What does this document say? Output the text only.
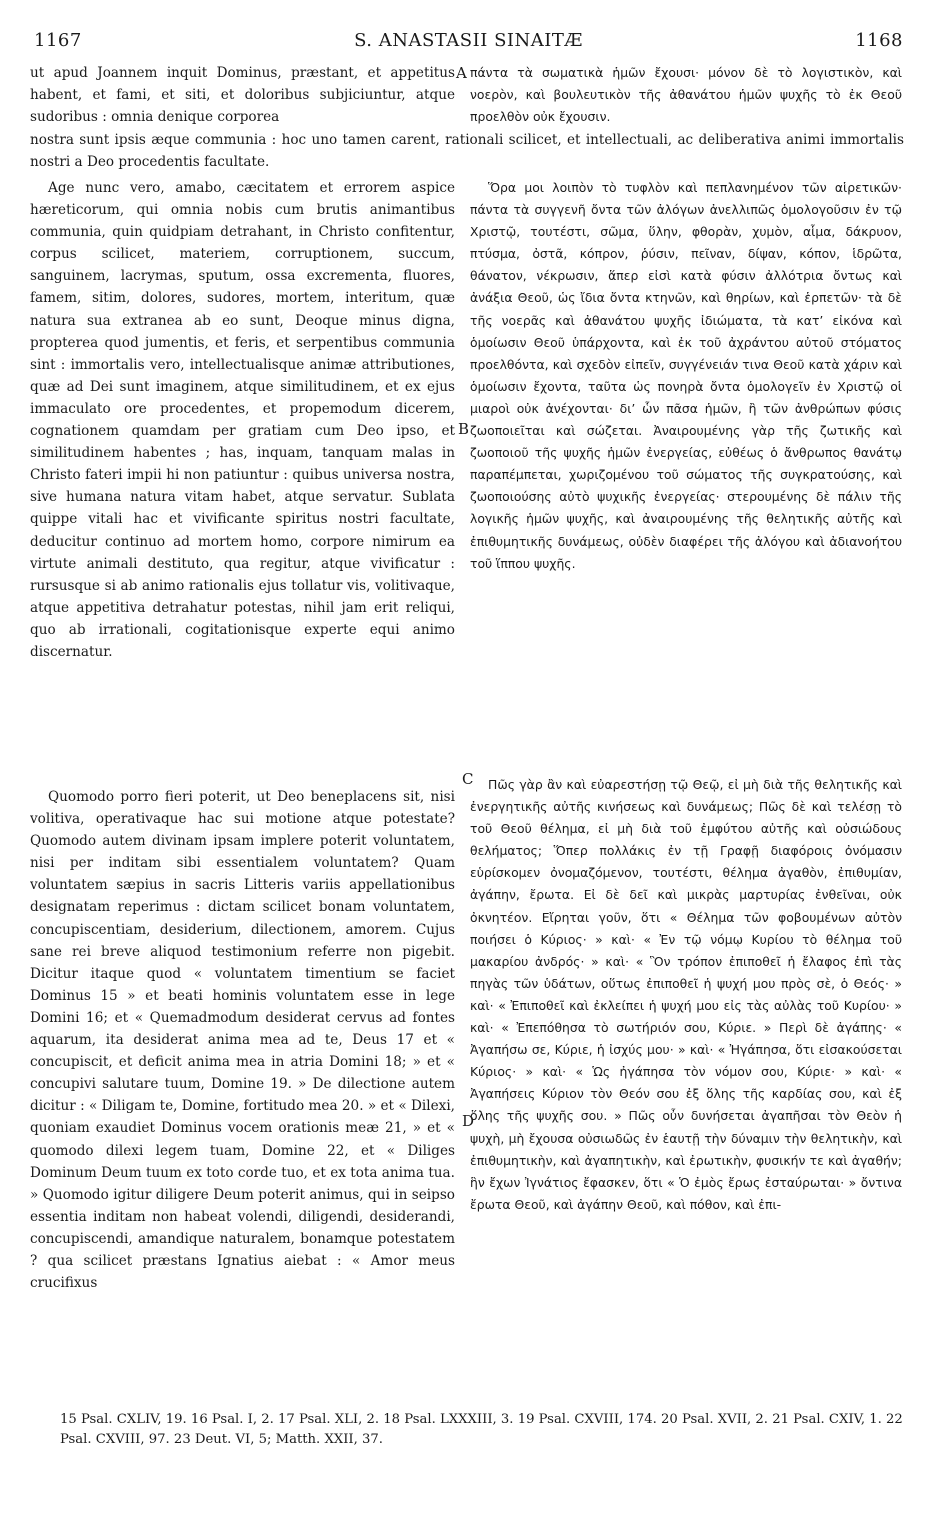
1167	S. ANASTASII SINAITÆ	1168

ut apud Joannem inquit Dominus, præstant, et appetitus habent, et fami, et siti, et doloribus subjiciuntur, atque sudoribus : omnia denique corporea

A πάντα τὰ σωματικὰ ἡμῶν ἔχουσι· μόνον δὲ τὸ λογιστικὸν, καὶ νοερὸν, καὶ βουλευτικὸν τῆς ἀθανάτου ἡμῶν ψυχῆς τὸ ἐκ Θεοῦ προελθὸν οὐκ ἔχουσιν.

nostra sunt ipsis æque communia : hoc uno tamen carent, rationali scilicet, et intellectuali, ac deliberativa animi immortalis nostri a Deo procedentis facultate.

Age nunc vero, amabo, cæcitatem et errorem aspice hæreticorum, qui omnia nobis cum brutis animantibus communia, quin quidpiam detrahant, in Christo confitentur, corpus scilicet, materiem, corruptionem, succum, sanguinem, lacrymas, sputum, ossa excrementa, fluores, famem, sitim, dolores, sudores, mortem, interitum, quæ natura sua extranea ab eo sunt, Deoque minus digna, propterea quod jumentis, et feris, et serpentibus communia sint : immortalis vero, intellectualisque animæ attributiones, quæ ad Dei sunt imaginem, atque similitudinem, et ex ejus immaculato ore procedentes, et propemodum dicerem, cognationem quamdam per gratiam cum Deo ipso, et similitudinem habentes ; has, inquam, tanquam malas in Christo fateri impii hi non patiuntur : quibus universa nostra, sive humana natura vitam habet, atque servatur. Sublata quippe vitali hac et vivificante spiritus nostri facultate, deducitur continuo ad mortem homo, corpore nimirum ea virtute animali destituto, qua regitur, atque vivificatur : rursusque si ab animo rationalis ejus tollatur vis, volitivaque, atque appetitiva detrahatur potestas, nihil jam erit reliqui, quo ab irrationali, cogitationisque experte equi animo discernatur.

B

Ὅρα μοι λοιπὸν τὸ τυφλὸν καὶ πεπλανημένον τῶν αἱρετικῶν· πάντα τὰ συγγενῆ ὄντα τῶν ἀλόγων ἀνελλιπῶς ὁμολογοῦσιν ἐν τῷ Χριστῷ, τουτέστι, σῶμα, ὕλην, φθορὰν, χυμὸν, αἷμα, δάκρυον, πτύσμα, ὀστᾶ, κόπρον, ῥύσιν, πεῖναν, δίψαν, κόπον, ἱδρῶτα, θάνατον, νέκρωσιν, ἅπερ εἰσὶ κατὰ φύσιν ἀλλότρια ὄντως καὶ ἀνάξια Θεοῦ, ὡς ἴδια ὄντα κτηνῶν, καὶ θηρίων, καὶ ἑρπετῶν· τὰ δὲ τῆς νοερᾶς καὶ ἀθανάτου ψυχῆς ἰδιώματα, τὰ κατ’ εἰκόνα καὶ ὁμοίωσιν Θεοῦ ὑπάρχοντα, καὶ ἐκ τοῦ ἀχράντου αὐτοῦ στόματος προελθόντα, καὶ σχεδὸν εἰπεῖν, συγγένειάν τινα Θεοῦ κατὰ χάριν καὶ ὁμοίωσιν ἔχοντα, ταῦτα ὡς πονηρὰ ὄντα ὁμολογεῖν ἐν Χριστῷ οἱ μιαροὶ οὐκ ἀνέχονται· δι’ ὧν πᾶσα ἡμῶν, ἢ τῶν ἀνθρώπων φύσις ζωοποιεῖται καὶ σώζεται. Ἀναιρουμένης γὰρ τῆς ζωτικῆς καὶ ζωοποιοῦ τῆς ψυχῆς ἡμῶν ἐνεργείας, εὐθέως ὁ ἄνθρωπος θανάτῳ παραπέμπεται, χωριζομένου τοῦ σώματος τῆς συγκρατούσης, καὶ ζωοποιούσης αὐτὸ ψυχικῆς ἐνεργείας· στερουμένης δὲ πάλιν τῆς λογικῆς ἡμῶν ψυχῆς, καὶ ἀναιρουμένης τῆς θελητικῆς αὐτῆς καὶ ἐπιθυμητικῆς δυνάμεως, οὐδὲν διαφέρει τῆς ἀλόγου καὶ ἀδιανοήτου τοῦ ἵππου ψυχῆς.

Quomodo porro fieri poterit, ut Deo beneplacens sit, nisi volitiva, operativaque hac sui motione atque potestate? Quomodo autem divinam ipsam implere poterit voluntatem, nisi per inditam sibi essentialem voluntatem? Quam voluntatem sæpius in sacris Litteris variis appellationibus designatam reperimus : dictam scilicet bonam voluntatem, concupiscentiam, desiderium, dilectionem, amorem. Cujus sane rei breve aliquod testimonium referre non pigebit. Dicitur itaque quod « voluntatem timentium se faciet Dominus 15 » et beati hominis voluntatem esse in lege Domini 16; et « Quemadmodum desiderat cervus ad fontes aquarum, ita desiderat anima mea ad te, Deus 17 et « concupiscit, et deficit anima mea in atria Domini 18; » et « concupivi salutare tuum, Domine 19. » De dilectione autem dicitur : « Diligam te, Domine, fortitudo mea 20. » et « Dilexi, quoniam exaudiet Dominus vocem orationis meæ 21, » et « quomodo dilexi legem tuam, Domine 22, et « Diliges Dominum Deum tuum ex toto corde tuo, et ex tota anima tua. » Quomodo igitur diligere Deum poterit animus, qui in seipso essentia inditam non habeat volendi, diligendi, desiderandi, concupiscendi, amandique naturalem, bonamque potestatem ? qua scilicet præstans Ignatius aiebat : « Amor meus crucifixus

C
D

Πῶς γὰρ ἂν καὶ εὐαρεστήσῃ τῷ Θεῷ, εἰ μὴ διὰ τῆς θελητικῆς καὶ ἐνεργητικῆς αὐτῆς κινήσεως καὶ δυνάμεως; Πῶς δὲ καὶ τελέσῃ τὸ τοῦ Θεοῦ θέλημα, εἰ μὴ διὰ τοῦ ἐμφύτου αὐτῆς καὶ οὐσιώδους θελήματος; Ὅπερ πολλάκις ἐν τῇ Γραφῇ διαφόροις ὀνόμασιν εὑρίσκομεν ὀνομαζόμενον, τουτέστι, θέλημα ἀγαθὸν, ἐπιθυμίαν, ἀγάπην, ἔρωτα. Εἰ δὲ δεῖ καὶ μικρὰς μαρτυρίας ἐνθεῖναι, οὐκ ὀκνητέον. Εἴρηται γοῦν, ὅτι « Θέλημα τῶν φοβουμένων αὐτὸν ποιήσει ὁ Κύριος· » καὶ· « Ἐν τῷ νόμῳ Κυρίου τὸ θέλημα τοῦ μακαρίου ἀνδρός· » καὶ· « Ὃν τρόπον ἐπιποθεῖ ἡ ἔλαφος ἐπὶ τὰς πηγὰς τῶν ὑδάτων, οὕτως ἐπιποθεῖ ἡ ψυχή μου πρὸς σὲ, ὁ Θεός· » καὶ· « Ἐπιποθεῖ καὶ ἐκλείπει ἡ ψυχή μου εἰς τὰς αὐλὰς τοῦ Κυρίου· » καὶ· « Ἐπεπόθησα τὸ σωτήριόν σου, Κύριε. » Περὶ δὲ ἀγάπης· « Ἀγαπήσω σε, Κύριε, ἡ ἰσχύς μου· » καὶ· « Ἠγάπησα, ὅτι εἰσακούσεται Κύριος· » καὶ· « Ὡς ἠγάπησα τὸν νόμον σου, Κύριε· » καὶ· « Ἀγαπήσεις Κύριον τὸν Θεόν σου ἐξ ὅλης τῆς καρδίας σου, καὶ ἐξ ὅλης τῆς ψυχῆς σου. » Πῶς οὖν δυνήσεται ἀγαπῆσαι τὸν Θεὸν ἡ ψυχὴ, μὴ ἔχουσα οὐσιωδῶς ἐν ἑαυτῇ τὴν δύναμιν τὴν θελητικὴν, καὶ ἐπιθυμητικὴν, καὶ ἀγαπητικὴν, καὶ ἐρωτικὴν, φυσικήν τε καὶ ἀγαθήν; ἣν ἔχων Ἰγνάτιος ἔφασκεν, ὅτι « Ὁ ἐμὸς ἔρως ἐσταύρωται· » ὄντινα ἔρωτα Θεοῦ, καὶ ἀγάπην Θεοῦ, καὶ πόθον, καὶ ἐπι-

15 Psal. CXLIV, 19. 16 Psal. I, 2. 17 Psal. XLI, 2. 18 Psal. LXXXIII, 3. 19 Psal. CXVIII, 174. 20 Psal. XVII, 2. 21 Psal. CXIV, 1. 22 Psal. CXVIII, 97. 23 Deut. VI, 5; Matth. XXII, 37.
